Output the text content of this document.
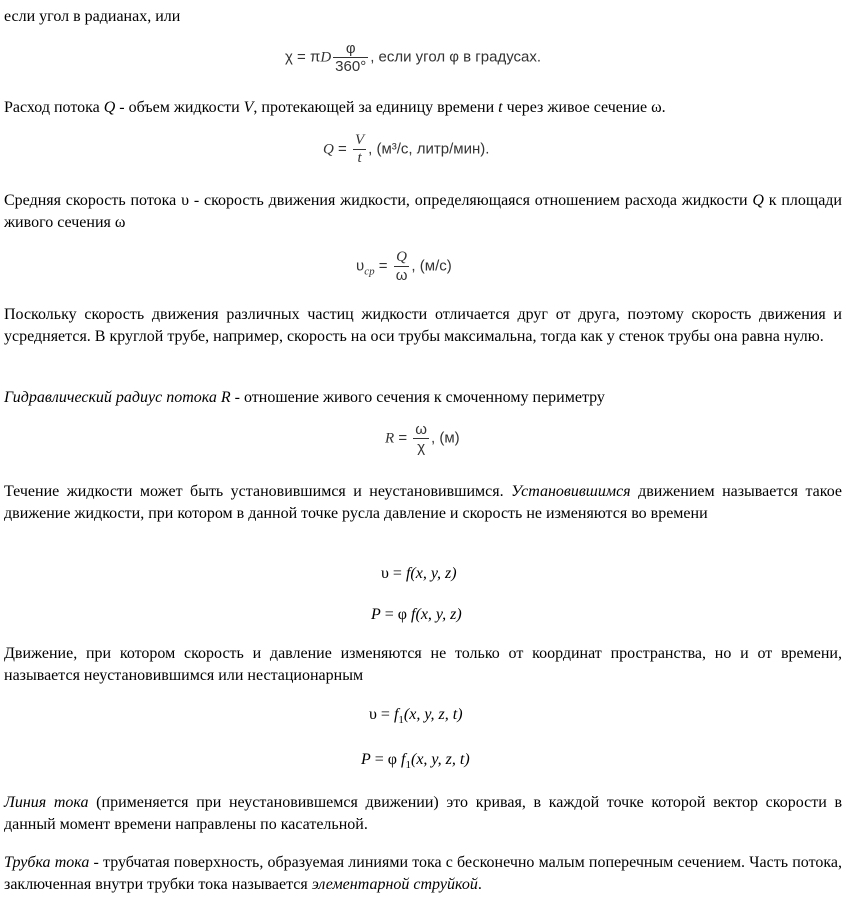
если угол в радианах, или

χ = πD $\frac{\varphi}{360^\circ}$ , если угол φ в градусах.

Расход потока Q - объем жидкости V, протекающей за единицу времени t через живое сечение ω.

$Q = \frac{V}{t}$ , (м³/с, литр/мин).

Средняя скорость потока υ - скорость движения жидкости, определяющаяся отношением расхода жидкости Q к площади живого сечения ω

$\upsilon_{ср} = \frac{Q}{\omega}$ , (м/с)

Поскольку скорость движения различных частиц жидкости отличается друг от друга, поэтому скорость движения и усредняется. В круглой трубе, например, скорость на оси трубы максимальна, тогда как у стенок трубы она равна нулю.

Гидравлический радиус потока R - отношение живого сечения к смоченному периметру

$R = \frac{\omega}{\chi}$ , (м)

Течение жидкости может быть установившимся и неустановившимся. Установившимся движением называется такое движение жидкости, при котором в данной точке русла давление и скорость не изменяются во времени

υ = f(x, y, z)
P = φ f(x, y, z)

Движение, при котором скорость и давление изменяются не только от координат пространства, но и от времени, называется неустановившимся или нестационарным

$\upsilon = f_1(x$, y, z, t)
P = φ $f_1(x$, y, z, t)

Линия тока (применяется при неустановившемся движении) это кривая, в каждой точке которой вектор скорости в данный момент времени направлены по касательной.

Трубка тока - трубчатая поверхность, образуемая линиями тока с бесконечно малым поперечным сечением. Часть потока, заключенная внутри трубки тока называется элементарной струйкой.
